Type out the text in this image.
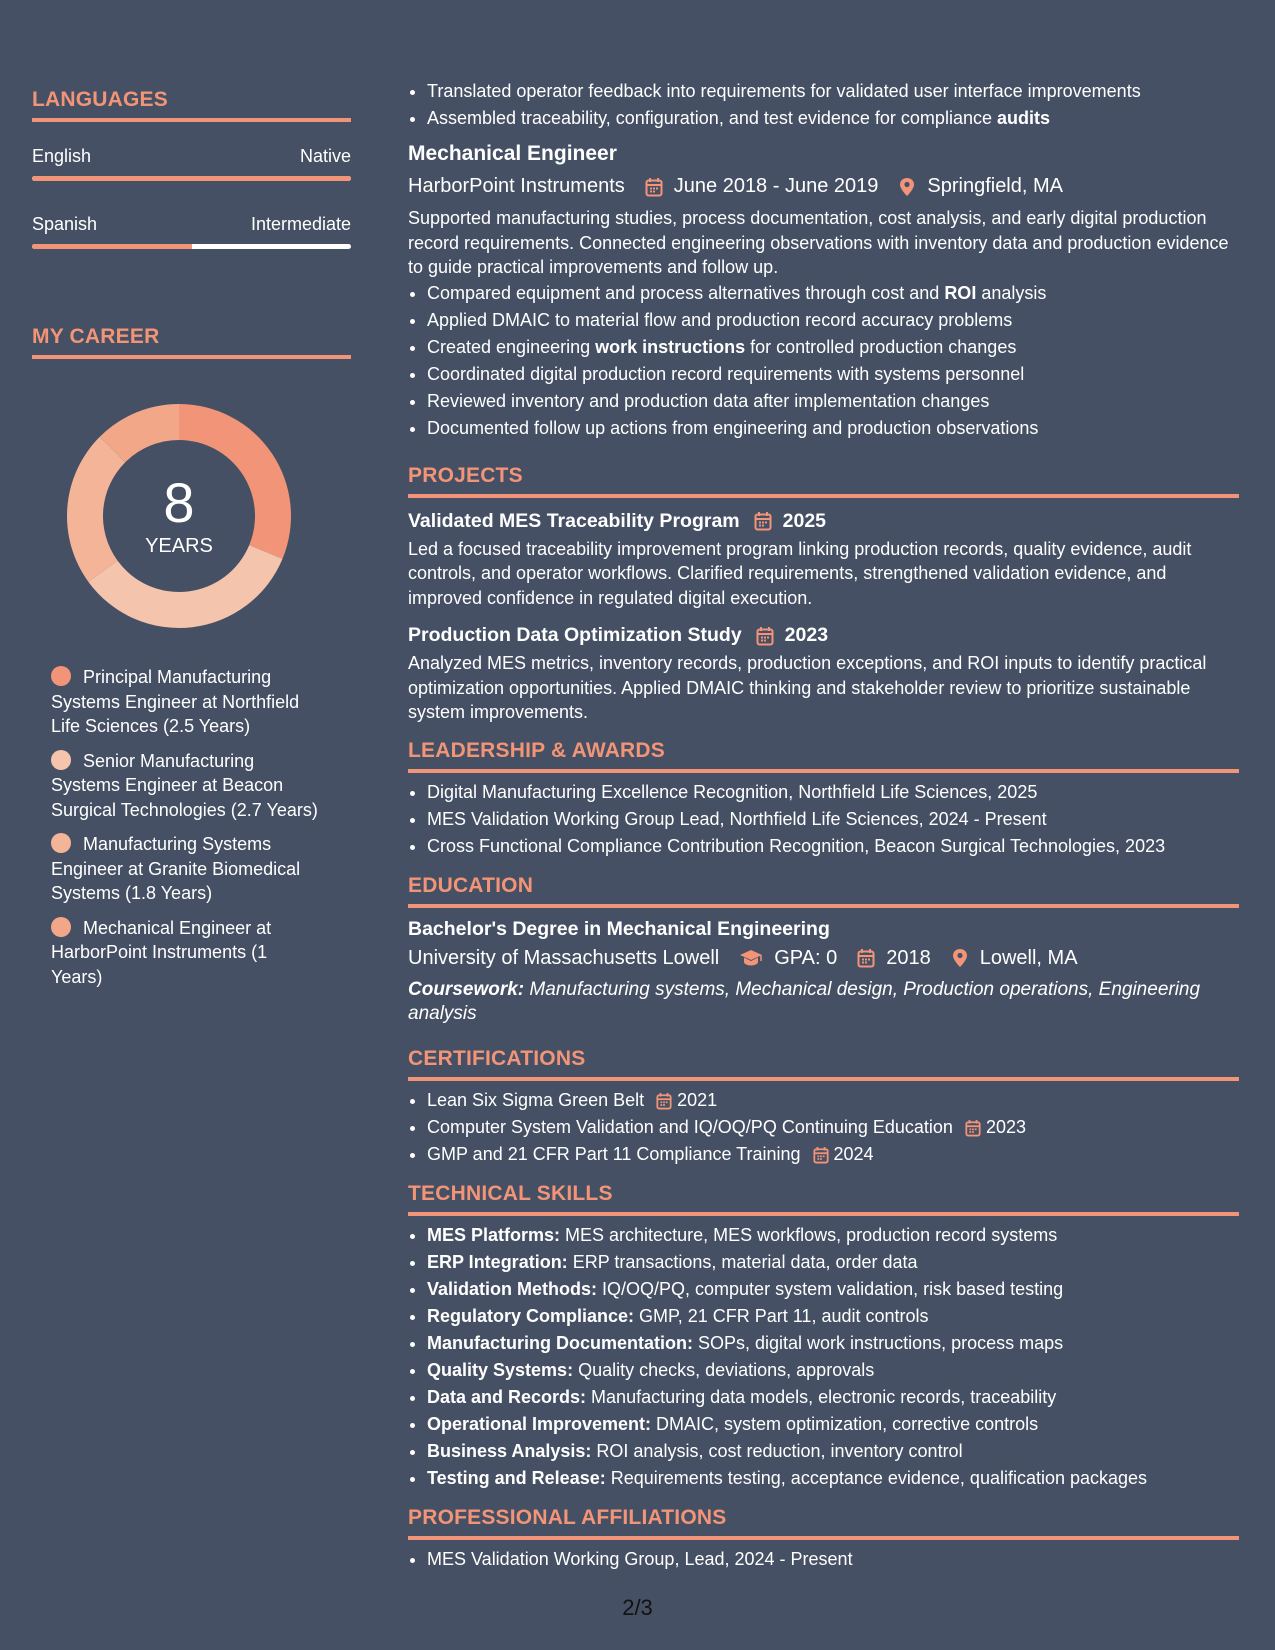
LANGUAGES
English	Native
Spanish	Intermediate
MY CAREER
8
YEARS
Principal Manufacturing Systems Engineer at Northfield Life Sciences (2.5 Years)
Senior Manufacturing Systems Engineer at Beacon Surgical Technologies (2.7 Years)
Manufacturing Systems Engineer at Granite Biomedical Systems (1.8 Years)
Mechanical Engineer at HarborPoint Instruments (1 Years)
• Translated operator feedback into requirements for validated user interface improvements
• Assembled traceability, configuration, and test evidence for compliance audits
Mechanical Engineer
HarborPoint Instruments June 2018 - June 2019 Springfield, MA
Supported manufacturing studies, process documentation, cost analysis, and early digital production record requirements. Connected engineering observations with inventory data and production evidence to guide practical improvements and follow up.
• Compared equipment and process alternatives through cost and ROI analysis
• Applied DMAIC to material flow and production record accuracy problems
• Created engineering work instructions for controlled production changes
• Coordinated digital production record requirements with systems personnel
• Reviewed inventory and production data after implementation changes
• Documented follow up actions from engineering and production observations
PROJECTS
Validated MES Traceability Program 2025
Led a focused traceability improvement program linking production records, quality evidence, audit controls, and operator workflows. Clarified requirements, strengthened validation evidence, and improved confidence in regulated digital execution.
Production Data Optimization Study 2023
Analyzed MES metrics, inventory records, production exceptions, and ROI inputs to identify practical optimization opportunities. Applied DMAIC thinking and stakeholder review to prioritize sustainable system improvements.
LEADERSHIP & AWARDS
• Digital Manufacturing Excellence Recognition, Northfield Life Sciences, 2025
• MES Validation Working Group Lead, Northfield Life Sciences, 2024 - Present
• Cross Functional Compliance Contribution Recognition, Beacon Surgical Technologies, 2023
EDUCATION
Bachelor's Degree in Mechanical Engineering
University of Massachusetts Lowell	GPA: 0 2018 Lowell, MA
Coursework: Manufacturing systems, Mechanical design, Production operations, Engineering analysis
CERTIFICATIONS
• Lean Six Sigma Green Belt 2021
• Computer System Validation and IQ/OQ/PQ Continuing Education 2023
• GMP and 21 CFR Part 11 Compliance Training 2024
TECHNICAL SKILLS
• MES Platforms: MES architecture, MES workflows, production record systems
• ERP Integration: ERP transactions, material data, order data
• Validation Methods: IQ/OQ/PQ, computer system validation, risk based testing
• Regulatory Compliance: GMP, 21 CFR Part 11, audit controls
• Manufacturing Documentation: SOPs, digital work instructions, process maps
• Quality Systems: Quality checks, deviations, approvals
• Data and Records: Manufacturing data models, electronic records, traceability
• Operational Improvement: DMAIC, system optimization, corrective controls
• Business Analysis: ROI analysis, cost reduction, inventory control
• Testing and Release: Requirements testing, acceptance evidence, qualification packages
PROFESSIONAL AFFILIATIONS
• MES Validation Working Group, Lead, 2024 - Present
2/3
